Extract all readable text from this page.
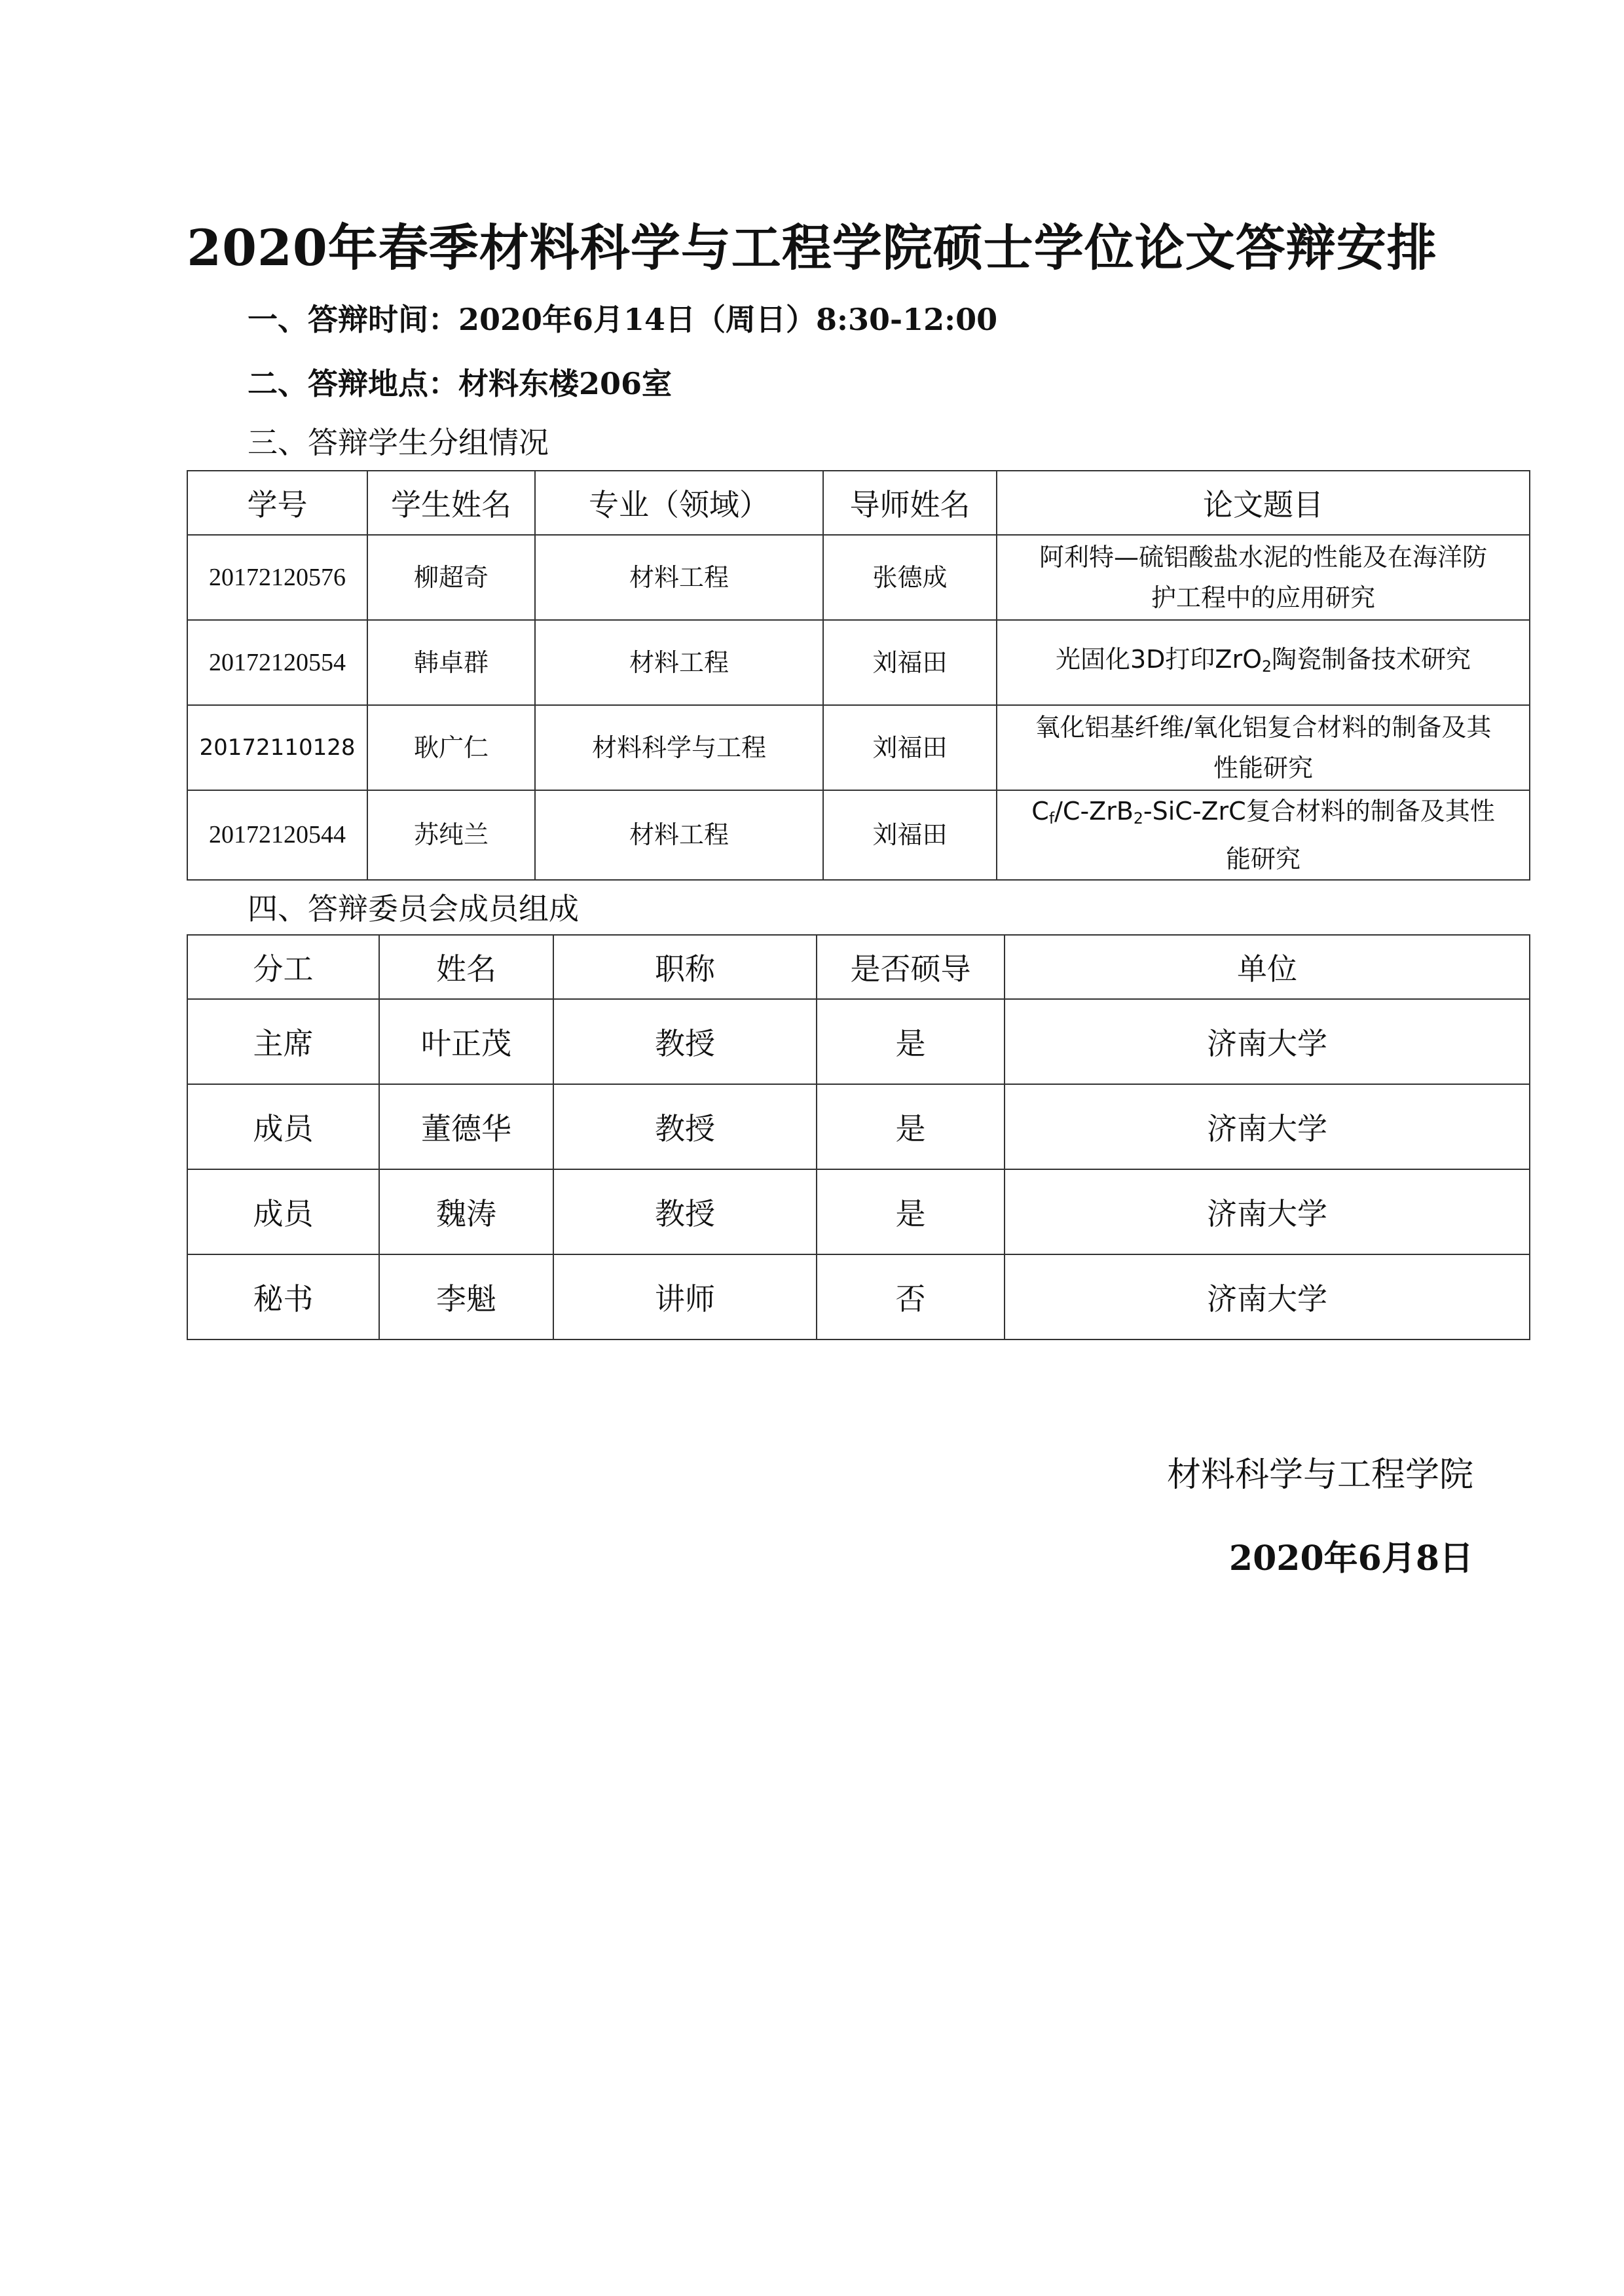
2020年春季材料科学与工程学院硕士学位论文答辩安排
一、答辩时间：2020年6月14日（周日）8:30-12:00
二、答辩地点：材料东楼206室
三、答辩学生分组情况
学号	学生姓名	专业（领域）	导师姓名	论文题目
20172120576	柳超奇	材料工程	张德成	阿利特—硫铝酸盐水泥的性能及在海洋防
护工程中的应用研究
20172120554	韩卓群	材料工程	刘福田	光固化3D打印ZrO$_2$陶瓷制备技术研究
20172110128	耿广仁	材料科学与工程	刘福田	氧化铝基纤维/氧化铝复合材料的制备及其
性能研究
20172120544	苏纯兰	材料工程	刘福田	$C_f/C-ZrB_2-SiC$-ZrC复合材料的制备及其性
能研究
四、答辩委员会成员组成
分工	姓名	职称	是否硕导	单位
主席	叶正茂	教授	是	济南大学
成员	董德华	教授	是	济南大学
成员	魏涛	教授	是	济南大学
秘书	李魁	讲师	否	济南大学
材料科学与工程学院
2020年6月8日
